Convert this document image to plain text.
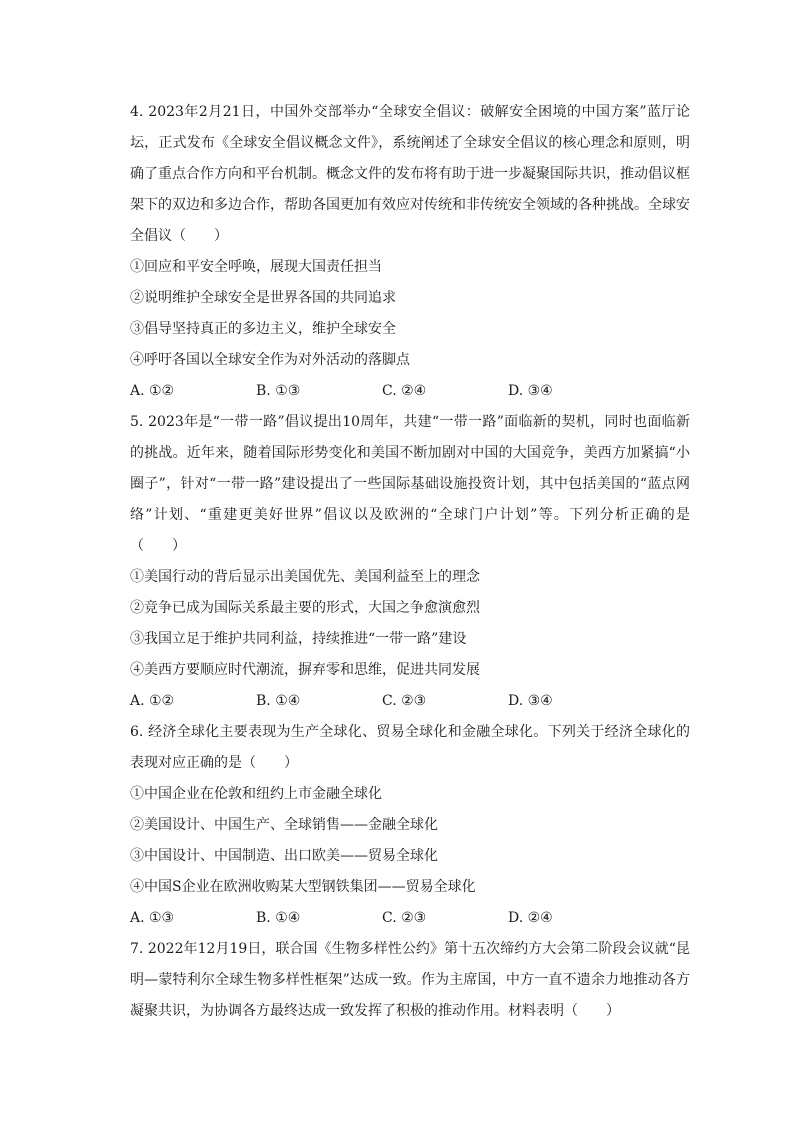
4. 2023年2月21日，中国外交部举办“全球安全倡议：破解安全困境的中国方案”蓝厅论坛，正式发布《全球安全倡议概念文件》，系统阐述了全球安全倡议的核心理念和原则，明确了重点合作方向和平台机制。概念文件的发布将有助于进一步凝聚国际共识，推动倡议框架下的双边和多边合作，帮助各国更加有效应对传统和非传统安全领域的各种挑战。全球安全倡议（　　）

①回应和平安全呼唤，展现大国责任担当

②说明维护全球安全是世界各国的共同追求

③倡导坚持真正的多边主义，维护全球安全

④呼吁各国以全球安全作为对外活动的落脚点

A. ①②	B. ①③	C. ②④	D. ③④

5. 2023年是“一带一路”倡议提出10周年，共建“一带一路”面临新的契机，同时也面临新的挑战。近年来，随着国际形势变化和美国不断加剧对中国的大国竞争，美西方加紧搞“小圈子”，针对“一带一路”建设提出了一些国际基础设施投资计划，其中包括美国的“蓝点网络”计划、“重建更美好世界”倡议以及欧洲的“全球门户计划”等。下列分析正确的是（　　）

①美国行动的背后显示出美国优先、美国利益至上的理念

②竞争已成为国际关系最主要的形式，大国之争愈演愈烈

③我国立足于维护共同利益，持续推进“一带一路”建设

④美西方要顺应时代潮流，摒弃零和思维，促进共同发展

A. ①②	B. ①④	C. ②③	D. ③④

6. 经济全球化主要表现为生产全球化、贸易全球化和金融全球化。下列关于经济全球化的表现对应正确的是（　　）

①中国企业在伦敦和纽约上市金融全球化

②美国设计、中国生产、全球销售——金融全球化

③中国设计、中国制造、出口欧美——贸易全球化

④中国S企业在欧洲收购某大型钢铁集团——贸易全球化

A. ①③	B. ①④	C. ②③	D. ②④

7. 2022年12月19日，联合国《生物多样性公约》第十五次缔约方大会第二阶段会议就“昆明—蒙特利尔全球生物多样性框架”达成一致。作为主席国，中方一直不遗余力地推动各方凝聚共识，为协调各方最终达成一致发挥了积极的推动作用。材料表明（　　）
